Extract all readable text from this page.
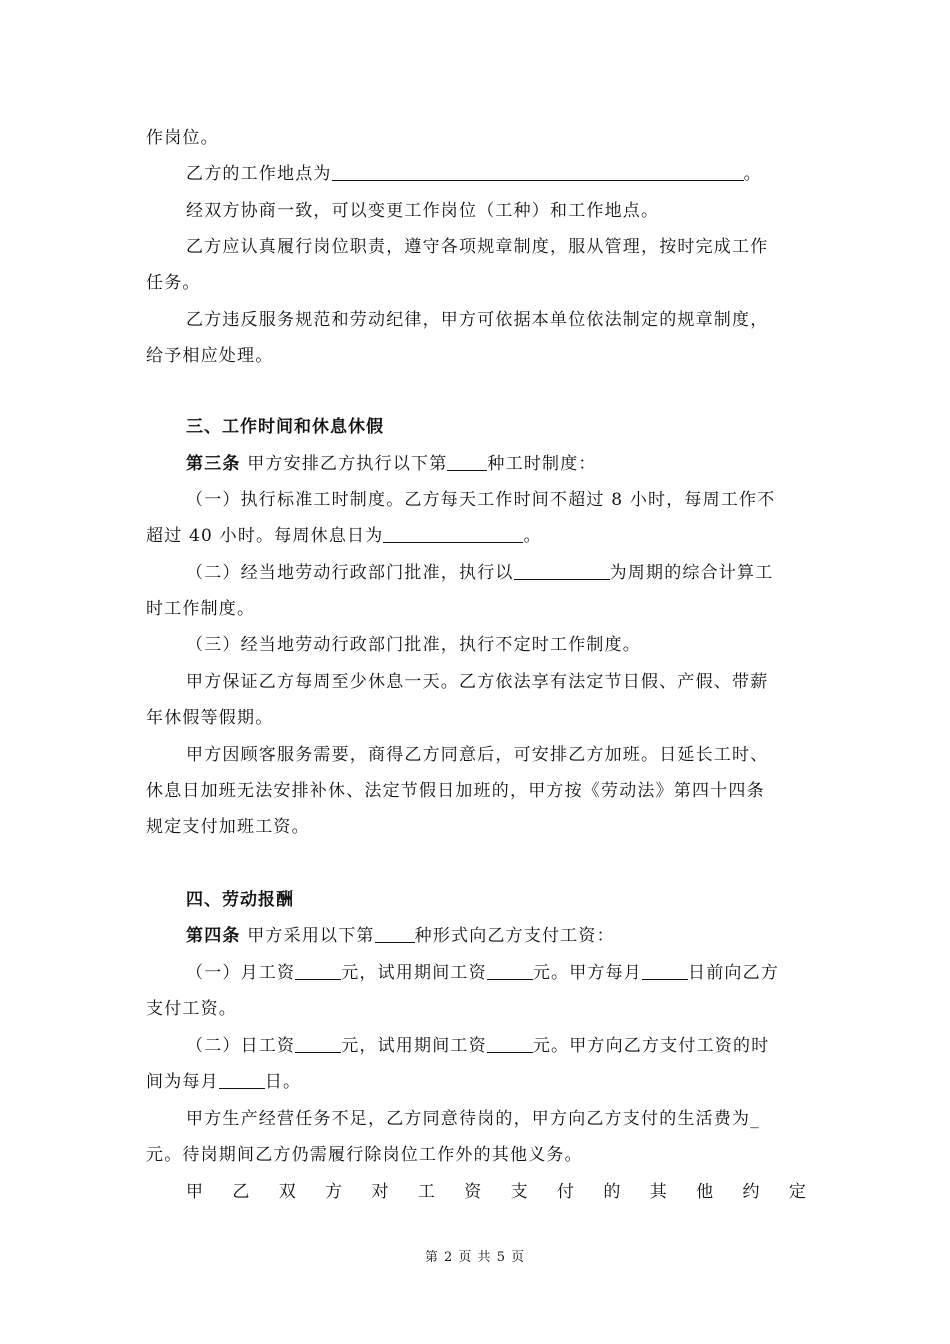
作岗位。
乙方的工作地点为	。
经双方协商一致，可以变更工作岗位（工种）和工作地点。
乙方应认真履行岗位职责，遵守各项规章制度，服从管理，按时完成工作
任务。
乙方违反服务规范和劳动纪律，甲方可依据本单位依法制定的规章制度，
给予相应处理。
三、工作时间和休息休假
第三条 甲方安排乙方执行以下第 种工时制度：
（一）执行标准工时制度。乙方每天工作时间不超过 8 小时，每周工作不
超过 40 小时。每周休息日为	。
（二）经当地劳动行政部门批准，执行以	为周期的综合计算工
时工作制度。
（三）经当地劳动行政部门批准，执行不定时工作制度。
甲方保证乙方每周至少休息一天。乙方依法享有法定节日假、产假、带薪
年休假等假期。
甲方因顾客服务需要，商得乙方同意后，可安排乙方加班。日延长工时、
休息日加班无法安排补休、法定节假日加班的，甲方按《劳动法》第四十四条
规定支付加班工资。
四、劳动报酬
第四条 甲方采用以下第 种形式向乙方支付工资：
（一）月工资	元，试用期间工资	元。甲方每月	日前向乙方
支付工资。
（二）日工资	元，试用期间工资	元。甲方向乙方支付工资的时
间为每月	日。
甲方生产经营任务不足，乙方同意待岗的，甲方向乙方支付的生活费为_
元。待岗期间乙方仍需履行除岗位工作外的其他义务。
甲 乙 双 方 对 工 资 支 付 的 其 他 约 定
第 2 页 共 5 页
